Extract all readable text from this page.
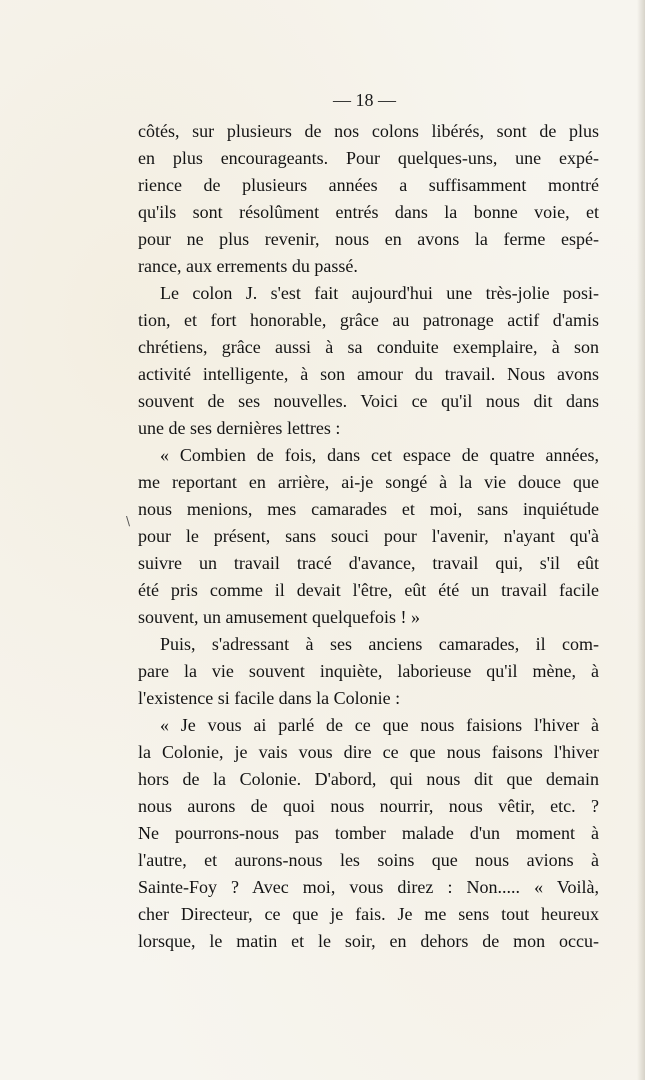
— 18 —
\
côtés, sur plusieurs de nos colons libérés, sont de plus
en plus encourageants. Pour quelques-uns, une expé-
rience de plusieurs années a suffisamment montré
qu'ils sont résolûment entrés dans la bonne voie, et
pour ne plus revenir, nous en avons la ferme espé-
rance, aux errements du passé.
Le colon J. s'est fait aujourd'hui une très-jolie posi-
tion, et fort honorable, grâce au patronage actif d'amis
chrétiens, grâce aussi à sa conduite exemplaire, à son
activité intelligente, à son amour du travail. Nous avons
souvent de ses nouvelles. Voici ce qu'il nous dit dans
une de ses dernières lettres :
« Combien de fois, dans cet espace de quatre années,
me reportant en arrière, ai-je songé à la vie douce que
nous menions, mes camarades et moi, sans inquiétude
pour le présent, sans souci pour l'avenir, n'ayant qu'à
suivre un travail tracé d'avance, travail qui, s'il eût
été pris comme il devait l'être, eût été un travail facile
souvent, un amusement quelquefois ! »
Puis, s'adressant à ses anciens camarades, il com-
pare la vie souvent inquiète, laborieuse qu'il mène, à
l'existence si facile dans la Colonie :
« Je vous ai parlé de ce que nous faisions l'hiver à
la Colonie, je vais vous dire ce que nous faisons l'hiver
hors de la Colonie. D'abord, qui nous dit que demain
nous aurons de quoi nous nourrir, nous vêtir, etc. ?
Ne pourrons-nous pas tomber malade d'un moment à
l'autre, et aurons-nous les soins que nous avions à
Sainte-Foy ? Avec moi, vous direz : Non..... « Voilà,
cher Directeur, ce que je fais. Je me sens tout heureux
lorsque, le matin et le soir, en dehors de mon occu-
